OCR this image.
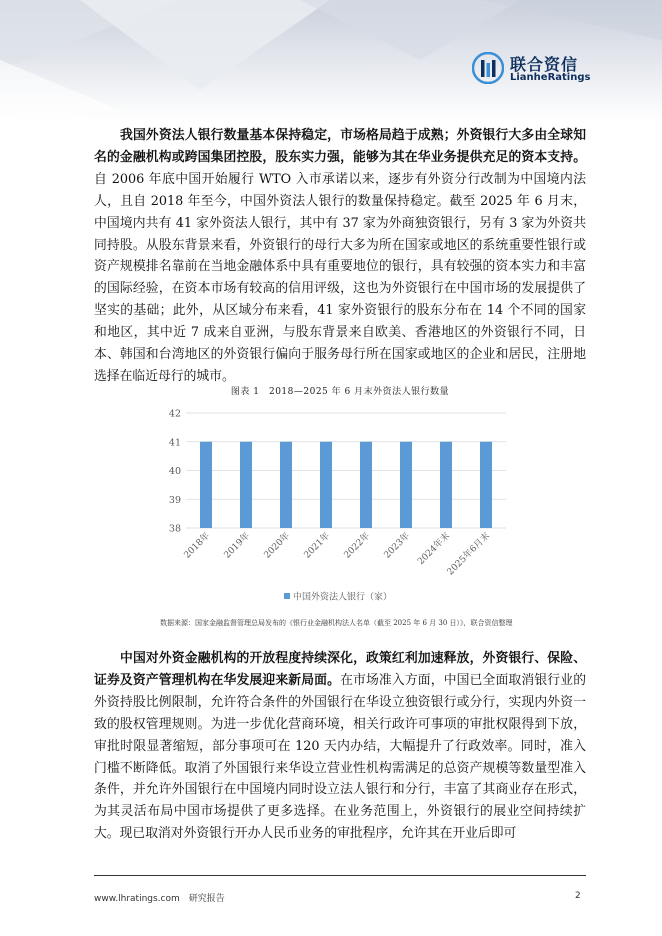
联合资信
LianheRatings

我国外资法人银行数量基本保持稳定，市场格局趋于成熟；外资银行大多由全球知名的金融机构或跨国集团控股，股东实力强，能够为其在华业务提供充足的资本支持。自 2006 年底中国开始履行 WTO 入市承诺以来，逐步有外资分行改制为中国境内法人，且自 2018 年至今，中国外资法人银行的数量保持稳定。截至 2025 年 6 月末，中国境内共有 41 家外资法人银行，其中有 37 家为外商独资银行，另有 3 家为外资共同持股。从股东背景来看，外资银行的母行大多为所在国家或地区的系统重要性银行或资产规模排名靠前在当地金融体系中具有重要地位的银行，具有较强的资本实力和丰富的国际经验，在资本市场有较高的信用评级，这也为外资银行在中国市场的发展提供了坚实的基础；此外，从区域分布来看，41 家外资银行的股东分布在 14 个不同的国家和地区，其中近 7 成来自亚洲，与股东背景来自欧美、香港地区的外资银行不同，日本、韩国和台湾地区的外资银行偏向于服务母行所在国家或地区的企业和居民，注册地选择在临近母行的城市。

图表 1　2018—2025 年 6 月末外资法人银行数量
38
39
40
41
42
2018年 2019年 2020年 2021年 2022年 2023年 2024年末
2025年6月末
中国外资法人银行（家）
数据来源：国家金融监督管理总局发布的《银行业金融机构法人名单（截至 2025 年 6 月 30 日）》，联合资信整理

中国对外资金融机构的开放程度持续深化，政策红利加速释放，外资银行、保险、证券及资产管理机构在华发展迎来新局面。在市场准入方面，中国已全面取消银行业的外资持股比例限制，允许符合条件的外国银行在华设立独资银行或分行，实现内外资一致的股权管理规则。为进一步优化营商环境，相关行政许可事项的审批权限得到下放，审批时限显著缩短，部分事项可在 120 天内办结，大幅提升了行政效率。同时，准入门槛不断降低。取消了外国银行来华设立营业性机构需满足的总资产规模等数量型准入条件，并允许外国银行在中国境内同时设立法人银行和分行，丰富了其商业存在形式，为其灵活布局中国市场提供了更多选择。在业务范围上，外资银行的展业空间持续扩大。现已取消对外资银行开办人民币业务的审批程序，允许其在开业后即可

www.lhratings.com　研究报告	2
